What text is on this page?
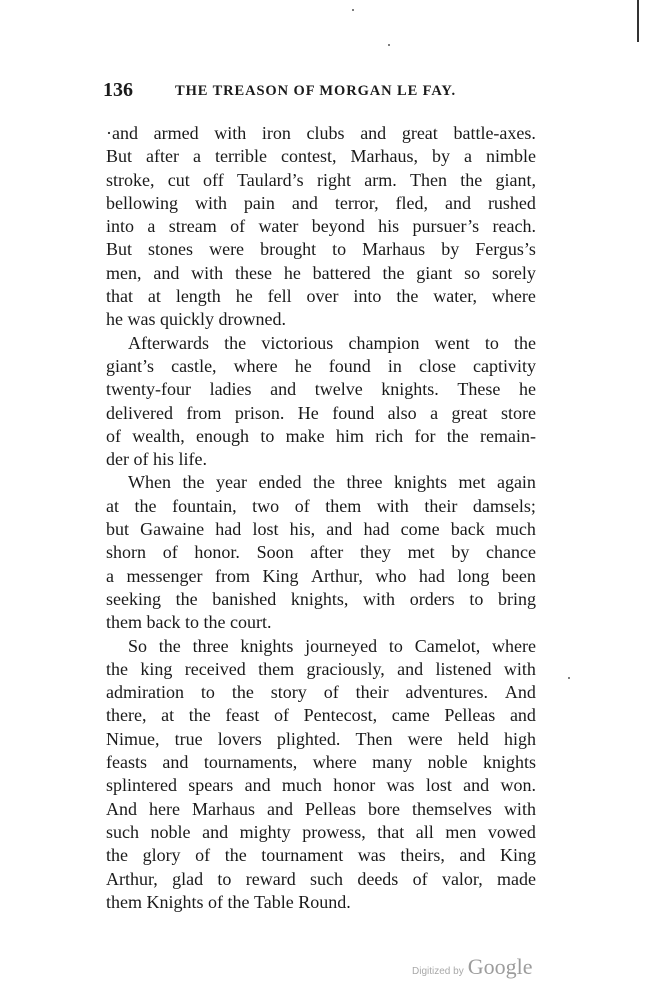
136	THE TREASON OF MORGAN LE FAY.
·and armed with iron clubs and great battle-axes.
But after a terrible contest, Marhaus, by a nimble
stroke, cut off Taulard’s right arm. Then the giant,
bellowing with pain and terror, fled, and rushed
into a stream of water beyond his pursuer’s reach.
But stones were brought to Marhaus by Fergus’s
men, and with these he battered the giant so sorely
that at length he fell over into the water, where
he was quickly drowned.
Afterwards the victorious champion went to the
giant’s castle, where he found in close captivity
twenty-four ladies and twelve knights. These he
delivered from prison. He found also a great store
of wealth, enough to make him rich for the remain-
der of his life.
When the year ended the three knights met again
at the fountain, two of them with their damsels;
but Gawaine had lost his, and had come back much
shorn of honor. Soon after they met by chance
a messenger from King Arthur, who had long been
seeking the banished knights, with orders to bring
them back to the court.
So the three knights journeyed to Camelot, where
the king received them graciously, and listened with
admiration to the story of their adventures. And
there, at the feast of Pentecost, came Pelleas and
Nimue, true lovers plighted. Then were held high
feasts and tournaments, where many noble knights
splintered spears and much honor was lost and won.
And here Marhaus and Pelleas bore themselves with
such noble and mighty prowess, that all men vowed
the glory of the tournament was theirs, and King
Arthur, glad to reward such deeds of valor, made
them Knights of the Table Round.
Digitized by Google
